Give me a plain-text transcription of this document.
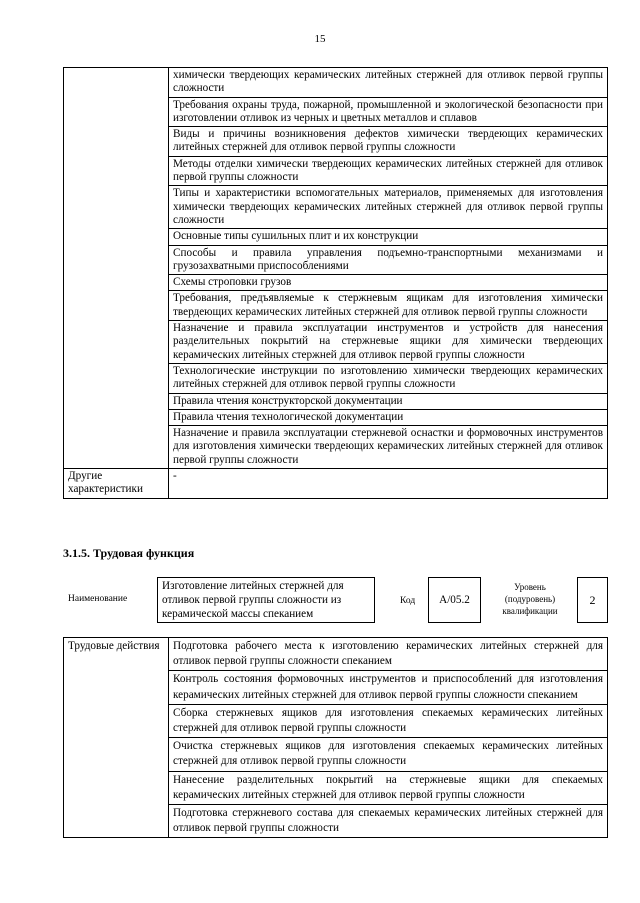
15
	химически твердеющих керамических литейных стержней для отливок первой группы сложности
	Требования охраны труда, пожарной, промышленной и экологической безопасности при изготовлении отливок из черных и цветных металлов и сплавов
	Виды и причины возникновения дефектов химически твердеющих керамических литейных стержней для отливок первой группы сложности
	Методы отделки химически твердеющих керамических литейных стержней для отливок первой группы сложности
	Типы и характеристики вспомогательных материалов, применяемых для изготовления химически твердеющих керамических литейных стержней для отливок первой группы сложности
	Основные типы сушильных плит и их конструкции
	Способы и правила управления подъемно-транспортными механизмами и грузозахватными приспособлениями
	Схемы строповки грузов
	Требования, предъявляемые к стержневым ящикам для изготовления химически твердеющих керамических литейных стержней для отливок первой группы сложности
	Назначение и правила эксплуатации инструментов и устройств для нанесения разделительных покрытий на стержневые ящики для химически твердеющих керамических литейных стержней для отливок первой группы сложности
	Технологические инструкции по изготовлению химически твердеющих керамических литейных стержней для отливок первой группы сложности
	Правила чтения конструкторской документации
	Правила чтения технологической документации
	Назначение и правила эксплуатации стержневой оснастки и формовочных инструментов для изготовления химически твердеющих керамических литейных стержней для отливок первой группы сложности
Другие характеристики	-
3.1.5. Трудовая функция
Наименование
Изготовление литейных стержней для отливок первой группы сложности из керамической массы спеканием
Код	А/05.2
Уровень (подуровень) квалификации
2
Трудовые действия	Подготовка рабочего места к изготовлению керамических литейных стержней для отливок первой группы сложности спеканием
Контроль состояния формовочных инструментов и приспособлений для изготовления керамических литейных стержней для отливок первой группы сложности спеканием
Сборка стержневых ящиков для изготовления спекаемых керамических литейных стержней для отливок первой группы сложности
Очистка стержневых ящиков для изготовления спекаемых керамических литейных стержней для отливок первой группы сложности
Нанесение разделительных покрытий на стержневые ящики для спекаемых керамических литейных стержней для отливок первой группы сложности
Подготовка стержневого состава для спекаемых керамических литейных стержней для отливок первой группы сложности
